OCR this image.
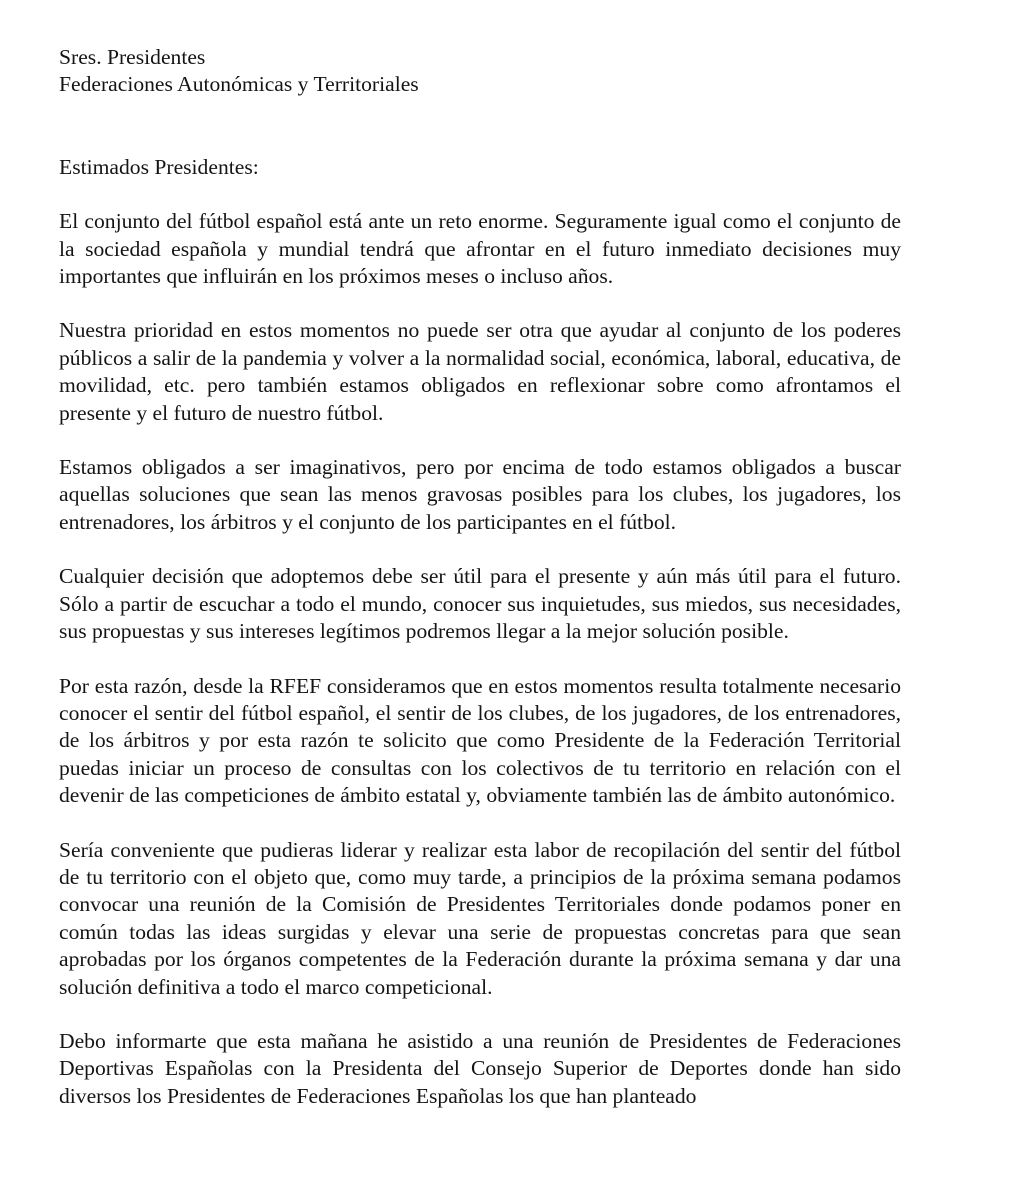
Sres. Presidentes
Federaciones Autonómicas y Territoriales

Estimados Presidentes:

El conjunto del fútbol español está ante un reto enorme. Seguramente igual como el conjunto de la sociedad española y mundial tendrá que afrontar en el futuro inmediato decisiones muy importantes que influirán en los próximos meses o incluso años.

Nuestra prioridad en estos momentos no puede ser otra que ayudar al conjunto de los poderes públicos a salir de la pandemia y volver a la normalidad social, económica, laboral, educativa, de movilidad, etc. pero también estamos obligados en reflexionar sobre como afrontamos el presente y el futuro de nuestro fútbol.

Estamos obligados a ser imaginativos, pero por encima de todo estamos obligados a buscar aquellas soluciones que sean las menos gravosas posibles para los clubes, los jugadores, los entrenadores, los árbitros y el conjunto de los participantes en el fútbol.

Cualquier decisión que adoptemos debe ser útil para el presente y aún más útil para el futuro. Sólo a partir de escuchar a todo el mundo, conocer sus inquietudes, sus miedos, sus necesidades, sus propuestas y sus intereses legítimos podremos llegar a la mejor solución posible.

Por esta razón, desde la RFEF consideramos que en estos momentos resulta totalmente necesario conocer el sentir del fútbol español, el sentir de los clubes, de los jugadores, de los entrenadores, de los árbitros y por esta razón te solicito que como Presidente de la Federación Territorial puedas iniciar un proceso de consultas con los colectivos de tu territorio en relación con el devenir de las competiciones de ámbito estatal y, obviamente también las de ámbito autonómico.

Sería conveniente que pudieras liderar y realizar esta labor de recopilación del sentir del fútbol de tu territorio con el objeto que, como muy tarde, a principios de la próxima semana podamos convocar una reunión de la Comisión de Presidentes Territoriales donde podamos poner en común todas las ideas surgidas y elevar una serie de propuestas concretas para que sean aprobadas por los órganos competentes de la Federación durante la próxima semana y dar una solución definitiva a todo el marco competicional.

Debo informarte que esta mañana he asistido a una reunión de Presidentes de Federaciones Deportivas Españolas con la Presidenta del Consejo Superior de Deportes donde han sido diversos los Presidentes de Federaciones Españolas los que han planteado
